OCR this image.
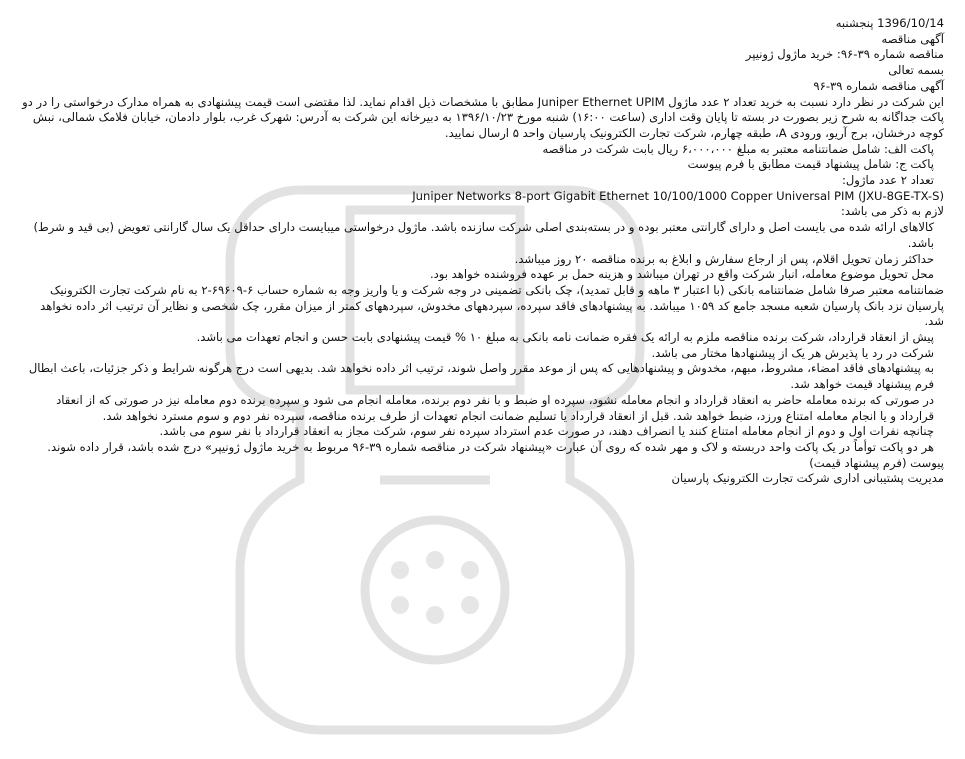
1396/10/14 پنجشنبه

آگهی مناقصه

مناقصه شماره ۳۹-۹۶: خرید ماژول ژونیپر

بسمه تعالی

آگهی مناقصه شماره ۳۹-۹۶

این شرکت در نظر دارد نسبت به خرید تعداد ۲ عدد ماژول Juniper Ethernet UPIM مطابق با مشخصات ذیل اقدام نماید. لذا مقتضی است قیمت پیشنهادی به همراه مدارک درخواستی را در دو پاکت جداگانه به شرح زیر بصورت در بسته تا پایان وقت اداری (ساعت ۱۶:۰۰) شنبه مورخ ۱۳۹۶/۱۰/۲۳ به دبیرخانه این شرکت به آدرس: شهرک غرب، بلوار دادمان، خیابان فلامک شمالی، نبش کوچه درخشان، برج آریو، ورودی A، طبقه چهارم، شرکت تجارت الکترونیک پارسیان واحد ۵ ارسال نمایید.

پاکت الف: شامل ضمانتنامه معتبر به مبلغ ۶،۰۰۰،۰۰۰ ریال بابت شرکت در مناقصه

پاکت ج: شامل پیشنهاد قیمت مطابق با فرم پیوست

تعداد ۲ عدد ماژول:

Juniper Networks 8-port Gigabit Ethernet 10/100/1000 Copper Universal PIM (JXU-8GE-TX-S)

لازم به ذکر می باشد:

کالاهای ارائه شده می بایست اصل و دارای گارانتی معتبر بوده و در بسته‌بندی اصلی شرکت سازنده باشد. ماژول درخواستی میبایست دارای حداقل یک سال گارانتی تعویض (بی قید و شرط) باشد.

حداکثر زمان تحویل اقلام، پس از ارجاع سفارش و ابلاغ به برنده مناقصه ۲۰ روز میباشد.

محل تحویل موضوع معامله، انبار شرکت واقع در تهران میباشد و هزینه حمل بر عهده فروشنده خواهد بود.

ضمانتنامه معتبر صرفا شامل ضمانتنامه بانکی (با اعتبار ۳ ماهه و قابل تمدید)، چک بانکی تضمینی در وجه شرکت و یا واریز وجه به شماره حساب ۶-۶۹۶۰۹-۲ به نام شرکت تجارت الکترونیک پارسیان نزد بانک پارسیان شعبه مسجد جامع کد ۱۰۵۹ میباشد. به پیشنهادهای فاقد سپرده، سپردههای مخدوش، سپردههای کمتر از میزان مقرر، چک شخصی و نظایر آن ترتیب اثر داده نخواهد شد.

پیش از انعقاد قرارداد، شرکت برنده مناقصه ملزم به ارائه یک فقره ضمانت نامه بانکی به مبلغ ۱۰ % قیمت پیشنهادی بابت حسن و انجام تعهدات می باشد.

شرکت در رد یا پذیرش هر یک از پیشنهادها مختار می باشد.

به پیشنهادهای فاقد امضاء، مشروط، مبهم، مخدوش و پیشنهادهایی که پس از موعد مقرر واصل شوند، ترتیب اثر داده نخواهد شد. بدیهی است درج هرگونه شرایط و ذکر جزئیات، باعث ابطال فرم پیشنهاد قیمت خواهد شد.

در صورتی که برنده معامله حاضر به انعقاد قرارداد و انجام معامله نشود، سپرده او ضبط و با نفر دوم برنده، معامله انجام می شود و سپرده برنده دوم معامله نیز در صورتی که از انعقاد قرارداد و یا انجام معامله امتناع ورزد، ضبط خواهد شد. قبل از انعقاد قرارداد یا تسلیم ضمانت انجام تعهدات از طرف برنده مناقصه، سپرده نفر دوم و سوم مسترد نخواهد شد.

چنانچه نفرات اول و دوم از انجام معامله امتناع کنند یا انصراف دهند، در صورت عدم استرداد سپرده نفر سوم، شرکت مجاز به انعقاد قرارداد با نفر سوم می باشد.

هر دو پاکت توأماً در یک پاکت واحد دربسته و لاک و مهر شده که روی آن عبارت «پیشنهاد شرکت در مناقصه شماره ۳۹-۹۶ مربوط به خرید ماژول ژونیپر» درج شده باشد، قرار داده شوند.

پیوست (فرم پیشنهاد قیمت)

مدیریت پشتیبانی اداری شرکت تجارت الکترونیک پارسیان
